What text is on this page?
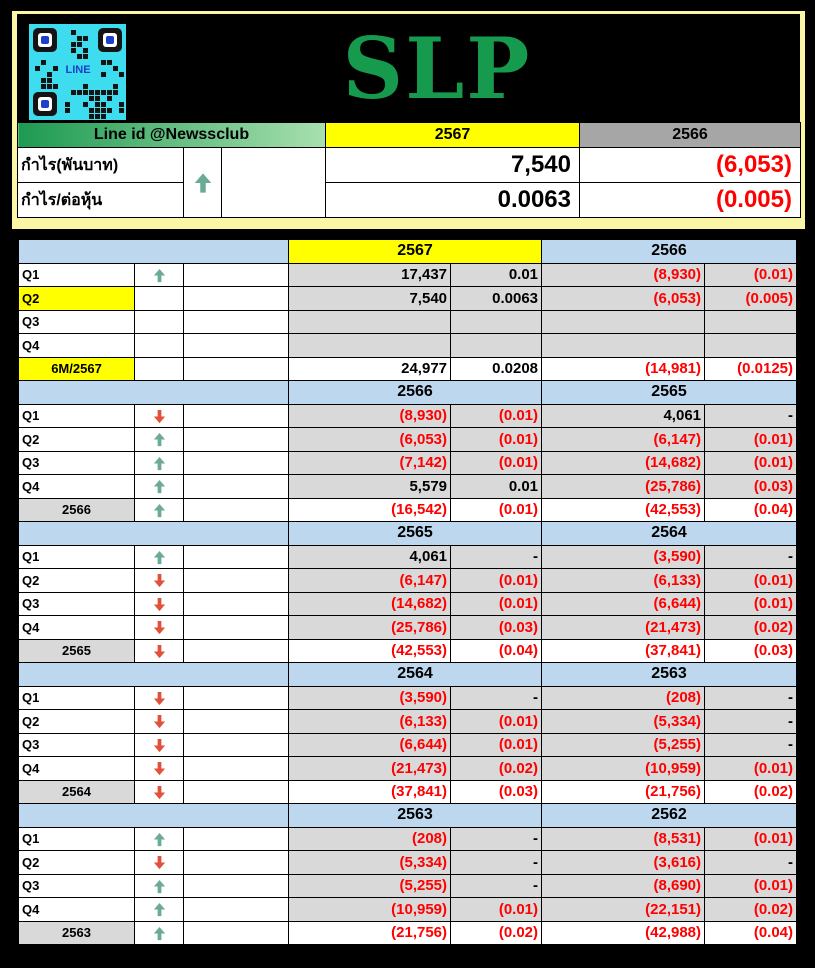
LINE	SLP
Line id @Newssclub			2567	2566
กำไร(พันบาท)			7,540	(6,053)
กำไร/ต่อหุ้น			0.0063	(0.005)
			2567		2566	
Q1			17,437	0.01	(8,930)	(0.01)
Q2			7,540	0.0063	(6,053)	(0.005)
Q3						
Q4						
6M/2567			24,977	0.0208	(14,981)	(0.0125)
			2566		2565	
Q1			(8,930)	(0.01)	4,061	-
Q2			(6,053)	(0.01)	(6,147)	(0.01)
Q3			(7,142)	(0.01)	(14,682)	(0.01)
Q4			5,579	0.01	(25,786)	(0.03)
2566			(16,542)	(0.01)	(42,553)	(0.04)
			2565		2564	
Q1			4,061	-	(3,590)	-
Q2			(6,147)	(0.01)	(6,133)	(0.01)
Q3			(14,682)	(0.01)	(6,644)	(0.01)
Q4			(25,786)	(0.03)	(21,473)	(0.02)
2565			(42,553)	(0.04)	(37,841)	(0.03)
			2564		2563	
Q1			(3,590)	-	(208)	-
Q2			(6,133)	(0.01)	(5,334)	-
Q3			(6,644)	(0.01)	(5,255)	-
Q4			(21,473)	(0.02)	(10,959)	(0.01)
2564			(37,841)	(0.03)	(21,756)	(0.02)
			2563		2562	
Q1			(208)	-	(8,531)	(0.01)
Q2			(5,334)	-	(3,616)	-
Q3			(5,255)	-	(8,690)	(0.01)
Q4			(10,959)	(0.01)	(22,151)	(0.02)
2563			(21,756)	(0.02)	(42,988)	(0.04)
